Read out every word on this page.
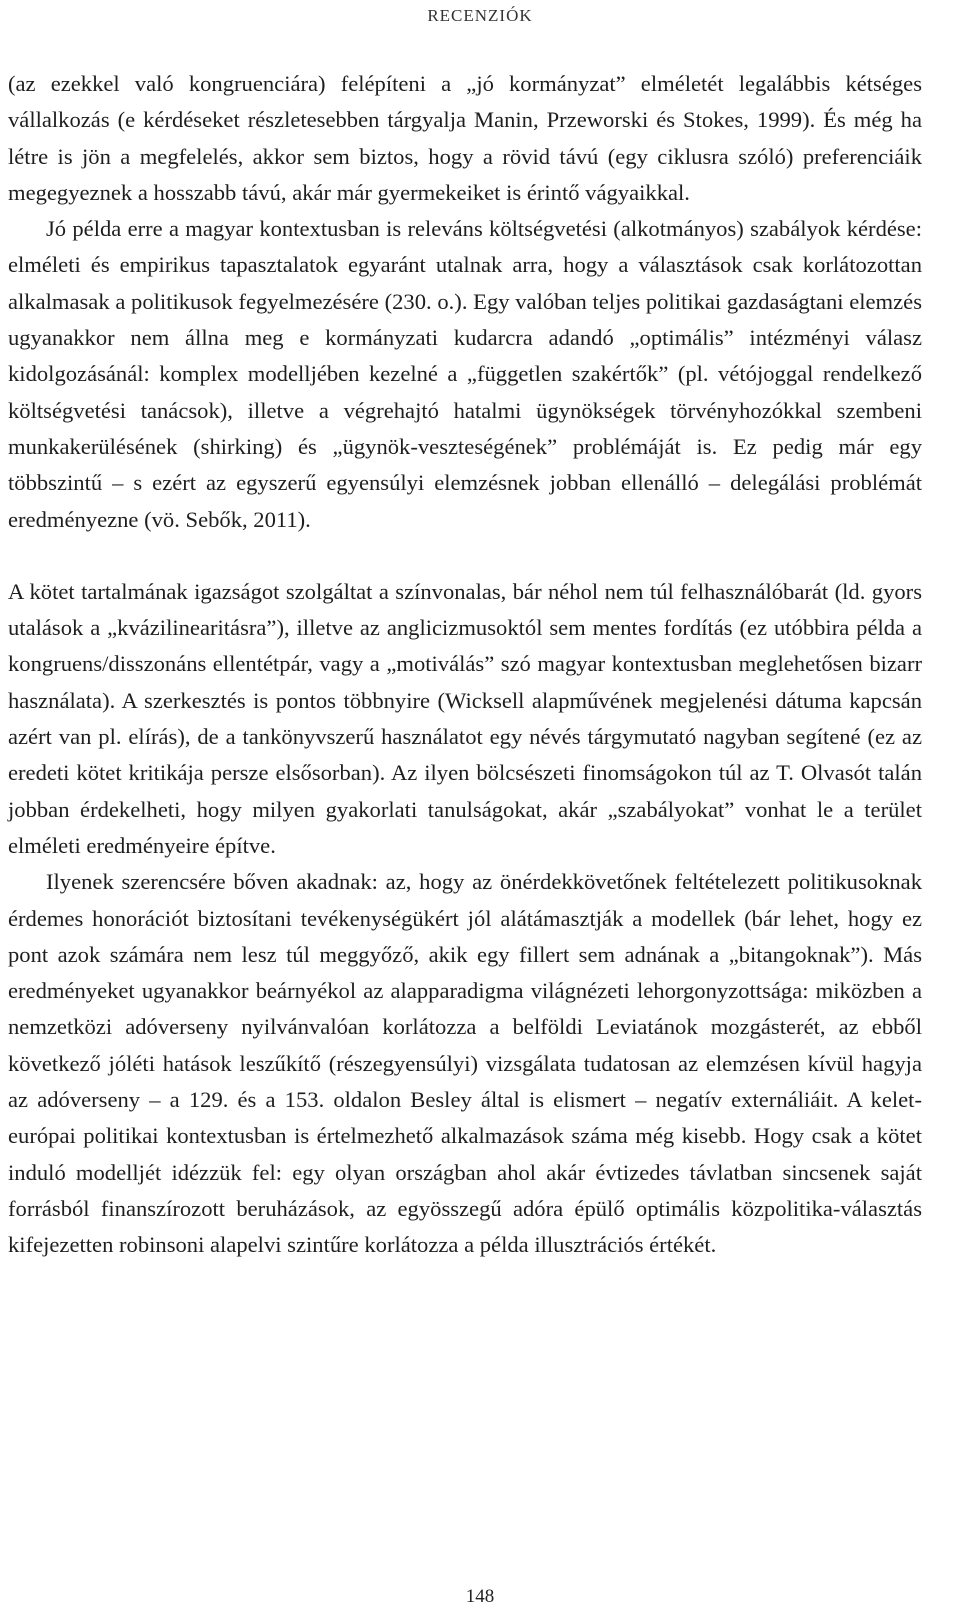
RECENZIÓK

(az ezekkel való kongruenciára) felépíteni a „jó kormányzat” elméletét legalábbis kétséges vállalkozás (e kérdéseket részletesebben tárgyalja Manin, Przeworski és Stokes, 1999). És még ha létre is jön a megfelelés, akkor sem biztos, hogy a rövid távú (egy ciklusra szóló) preferenciáik megegyeznek a hosszabb távú, akár már gyermekeiket is érintő vágyaikkal.

Jó példa erre a magyar kontextusban is releváns költségvetési (alkotmányos) szabályok kérdése: elméleti és empirikus tapasztalatok egyaránt utalnak arra, hogy a választások csak korlátozottan alkalmasak a politikusok fegyelmezésére (230. o.). Egy valóban teljes politikai gazdaságtani elemzés ugyanakkor nem állna meg e kormányzati kudarcra adandó „optimális” intézményi válasz kidolgozásánál: komplex modelljében kezelné a „független szakértők” (pl. vétójoggal rendelkező költségvetési tanácsok), illetve a végrehajtó hatalmi ügynökségek törvényhozókkal szembeni munkakerülésének (shirking) és „ügynök-veszteségének” problémáját is. Ez pedig már egy többszintű – s ezért az egyszerű egyensúlyi elemzésnek jobban ellenálló – delegálási problémát eredményezne (vö. Sebők, 2011).

A kötet tartalmának igazságot szolgáltat a színvonalas, bár néhol nem túl felhasználóbarát (ld. gyors utalások a „kvázilinearitásra”), illetve az anglicizmusoktól sem mentes fordítás (ez utóbbira példa a kongruens/disszonáns ellentétpár, vagy a „motiválás” szó magyar kontextusban meglehetősen bizarr használata). A szerkesztés is pontos többnyire (Wicksell alapművének megjelenési dátuma kapcsán azért van pl. elírás), de a tankönyvszerű használatot egy névés tárgymutató nagyban segítené (ez az eredeti kötet kritikája persze elsősorban). Az ilyen bölcsészeti finomságokon túl az T. Olvasót talán jobban érdekelheti, hogy milyen gyakorlati tanulságokat, akár „szabályokat” vonhat le a terület elméleti eredményeire építve.

Ilyenek szerencsére bőven akadnak: az, hogy az önérdekkövetőnek feltételezett politikusoknak érdemes honorációt biztosítani tevékenységükért jól alátámasztják a modellek (bár lehet, hogy ez pont azok számára nem lesz túl meggyőző, akik egy fillert sem adnának a „bitangoknak”). Más eredményeket ugyanakkor beárnyékol az alapparadigma világnézeti lehorgonyzottsága: miközben a nemzetközi adóverseny nyilvánvalóan korlátozza a belföldi Leviatánok mozgásterét, az ebből következő jóléti hatások leszűkítő (részegyensúlyi) vizsgálata tudatosan az elemzésen kívül hagyja az adóverseny – a 129. és a 153. oldalon Besley által is elismert – negatív externáliáit. A kelet-európai politikai kontextusban is értelmezhető alkalmazások száma még kisebb. Hogy csak a kötet induló modelljét idézzük fel: egy olyan országban ahol akár évtizedes távlatban sincsenek saját forrásból finanszírozott beruházások, az egyösszegű adóra épülő optimális közpolitika-választás kifejezetten robinsoni alapelvi szintűre korlátozza a példa illusztrációs értékét.

148
